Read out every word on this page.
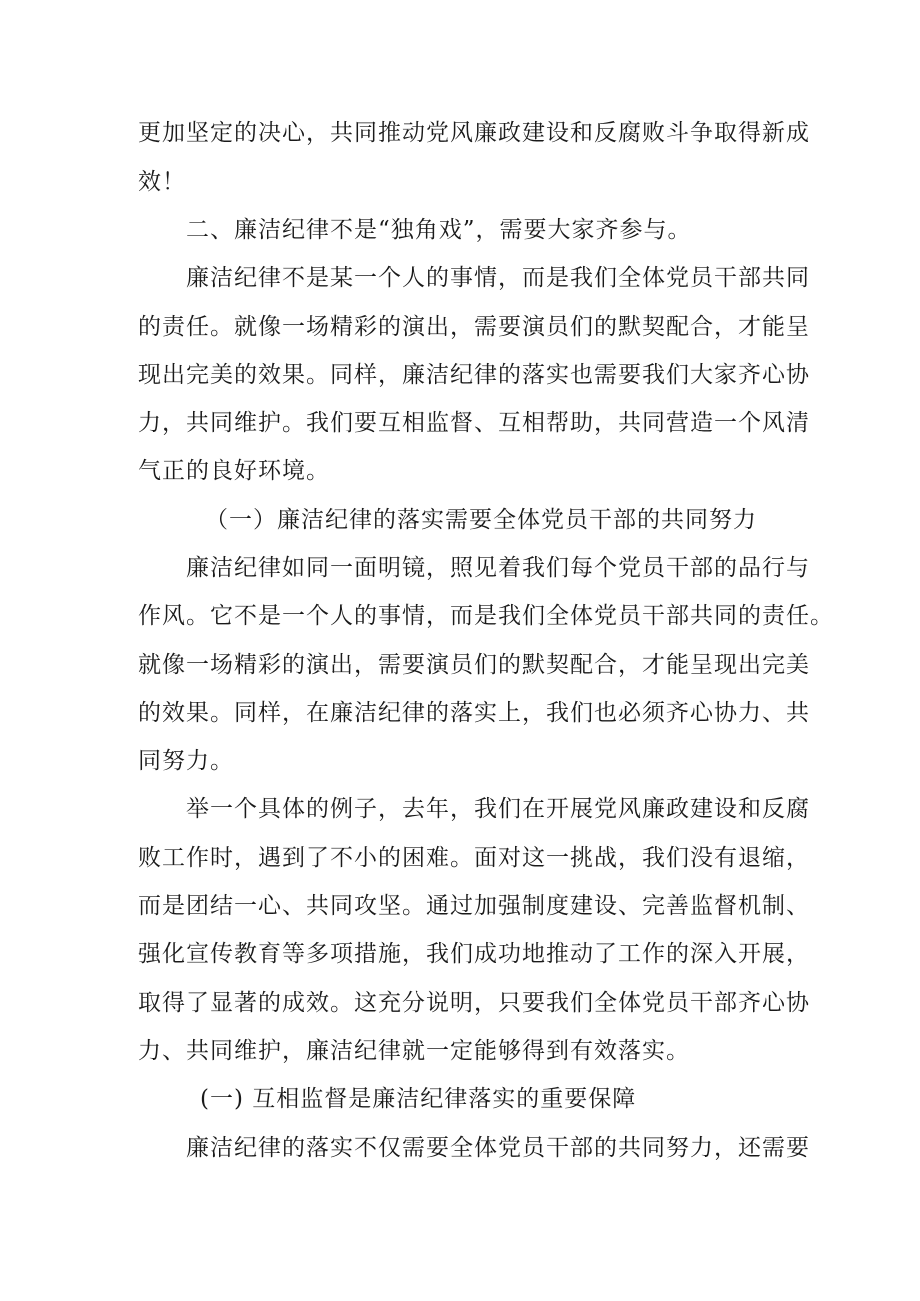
更加坚定的决心，共同推动党风廉政建设和反腐败斗争取得新成
效！
二、廉洁纪律不是“独角戏”，需要大家齐参与。
廉洁纪律不是某一个人的事情，而是我们全体党员干部共同
的责任。就像一场精彩的演出，需要演员们的默契配合，才能呈
现出完美的效果。同样，廉洁纪律的落实也需要我们大家齐心协
力，共同维护。我们要互相监督、互相帮助，共同营造一个风清
气正的良好环境。
（一）廉洁纪律的落实需要全体党员干部的共同努力
廉洁纪律如同一面明镜，照见着我们每个党员干部的品行与
作风。它不是一个人的事情，而是我们全体党员干部共同的责任。
就像一场精彩的演出，需要演员们的默契配合，才能呈现出完美
的效果。同样，在廉洁纪律的落实上，我们也必须齐心协力、共
同努力。
举一个具体的例子，去年，我们在开展党风廉政建设和反腐
败工作时，遇到了不小的困难。面对这一挑战，我们没有退缩，
而是团结一心、共同攻坚。通过加强制度建设、完善监督机制、
强化宣传教育等多项措施，我们成功地推动了工作的深入开展，
取得了显著的成效。这充分说明，只要我们全体党员干部齐心协
力、共同维护，廉洁纪律就一定能够得到有效落实。
(一) 互相监督是廉洁纪律落实的重要保障
廉洁纪律的落实不仅需要全体党员干部的共同努力，还需要
